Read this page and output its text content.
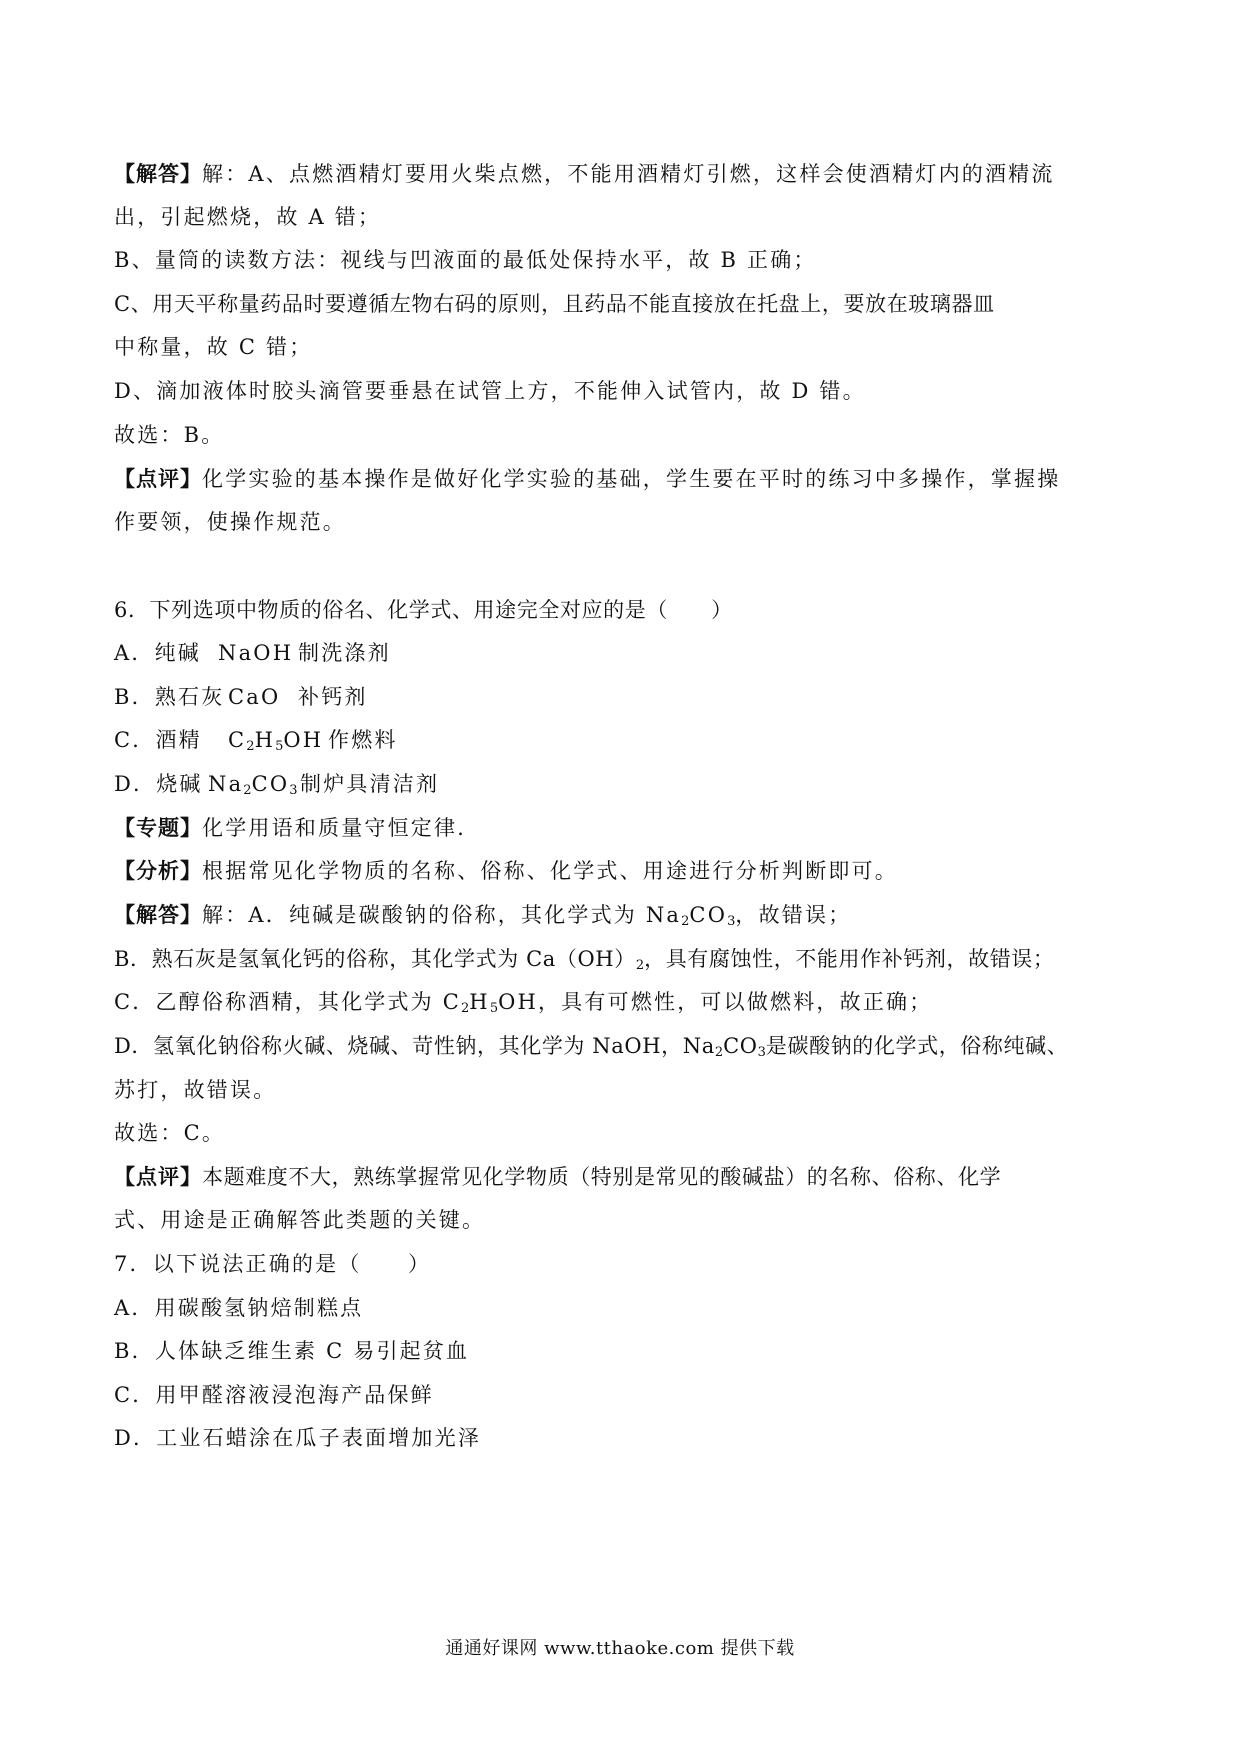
【解答】解：A、点燃酒精灯要用火柴点燃，不能用酒精灯引燃，这样会使酒精灯内的酒精流
出，引起燃烧，故 A 错；
B、量筒的读数方法：视线与凹液面的最低处保持水平，故 B 正确；
C、用天平称量药品时要遵循左物右码的原则，且药品不能直接放在托盘上，要放在玻璃器皿
中称量，故 C 错；
D、滴加液体时胶头滴管要垂悬在试管上方，不能伸入试管内，故 D 错。
故选：B。
【点评】化学实验的基本操作是做好化学实验的基础，学生要在平时的练习中多操作，掌握操
作要领，使操作规范。
6．下列选项中物质的俗名、化学式、用途完全对应的是（　　）
A．纯碱 NaOH 制洗涤剂
B．熟石灰 CaO 补钙剂
C．酒精 $C_2H_5OH$ 作燃料
D．烧碱 $Na_2CO_3$ 制炉具清洁剂
【专题】化学用语和质量守恒定律．
【分析】根据常见化学物质的名称、俗称、化学式、用途进行分析判断即可。
【解答】解：A．纯碱是碳酸钠的俗称，其化学式为 $Na_2CO_3$，故错误；
B．熟石灰是氢氧化钙的俗称，其化学式为 $Ca(OH)_2$，具有腐蚀性，不能用作补钙剂，故错误；
C．乙醇俗称酒精，其化学式为 $C_2H_5OH$，具有可燃性，可以做燃料，故正确；
D．氢氧化钠俗称火碱、烧碱、苛性钠，其化学为 NaOH，$Na_2CO_3$是碳酸钠的化学式，俗称纯碱、
苏打，故错误。
故选：C。
【点评】本题难度不大，熟练掌握常见化学物质（特别是常见的酸碱盐）的名称、俗称、化学
式、用途是正确解答此类题的关键。
7．以下说法正确的是（　　）
A．用碳酸氢钠焙制糕点
B．人体缺乏维生素 C 易引起贫血
C．用甲醛溶液浸泡海产品保鲜
D．工业石蜡涂在瓜子表面增加光泽
通通好课网 www.tthaoke.com 提供下载
